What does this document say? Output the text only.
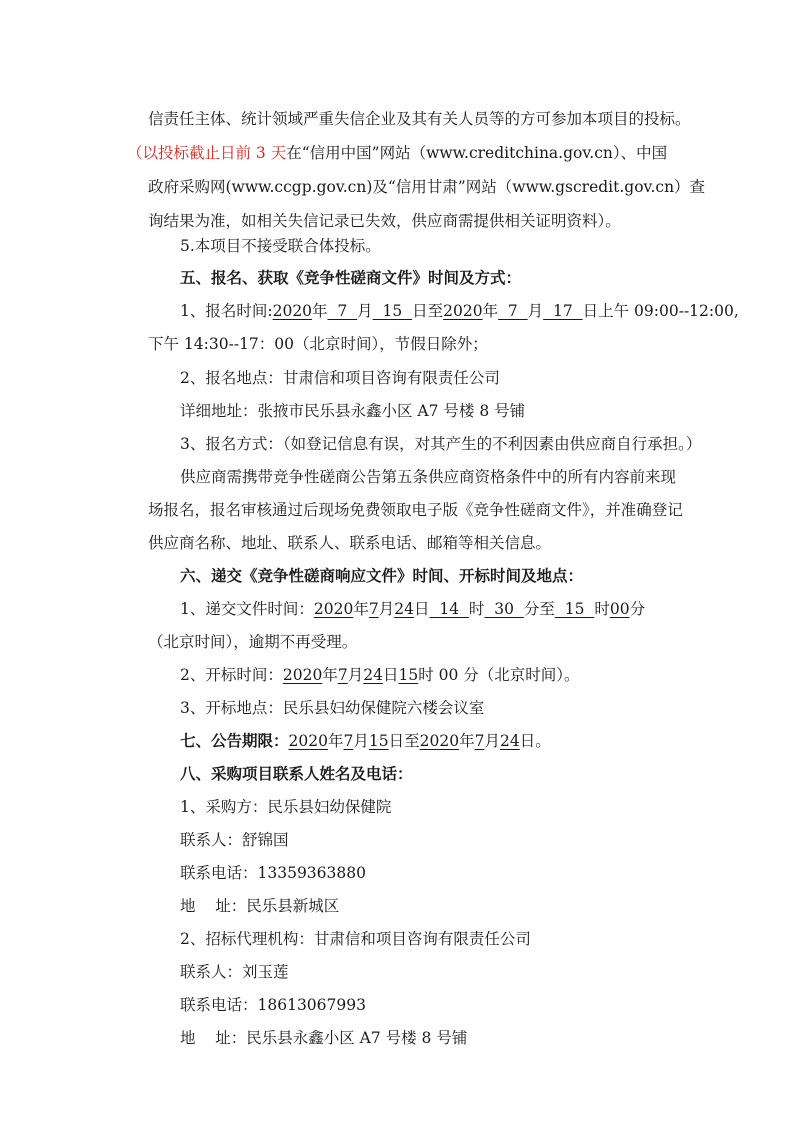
信责任主体、统计领域严重失信企业及其有关人员等的方可参加本项目的投标。
（以投标截止日前 3 天在“信用中国”网站（www.creditchina.gov.cn）、中国
政府采购网(www.ccgp.gov.cn)及“信用甘肃”网站（www.gscredit.gov.cn）查
询结果为准，如相关失信记录已失效，供应商需提供相关证明资料）。
5.本项目不接受联合体投标。
五、报名、获取《竞争性磋商文件》时间及方式：
1、报名时间:2020年  7  月  15  日至2020年  7  月  17  日上午 09:00--12:00,
下午 14:30--17：00（北京时间），节假日除外；
2、报名地点：甘肃信和项目咨询有限责任公司
详细地址：张掖市民乐县永鑫小区 A7 号楼 8 号铺
3、报名方式：（如登记信息有误，对其产生的不利因素由供应商自行承担。）
供应商需携带竞争性磋商公告第五条供应商资格条件中的所有内容前来现
场报名，报名审核通过后现场免费领取电子版《竞争性磋商文件》，并准确登记
供应商名称、地址、联系人、联系电话、邮箱等相关信息。
六、递交《竞争性磋商响应文件》时间、开标时间及地点：
1、递交文件时间：2020年7月24日  14  时  30  分至  15  时00分
（北京时间），逾期不再受理。
2、开标时间：2020年7月24日15时 00 分（北京时间）。
3、开标地点：民乐县妇幼保健院六楼会议室
七、公告期限：2020年7月15日至2020年7月24日。
八、采购项目联系人姓名及电话：
1、采购方：民乐县妇幼保健院
联系人：舒锦国
联系电话：13359363880
地    址：民乐县新城区
2、招标代理机构：甘肃信和项目咨询有限责任公司
联系人：刘玉莲
联系电话：18613067993
地    址：民乐县永鑫小区 A7 号楼 8 号铺
